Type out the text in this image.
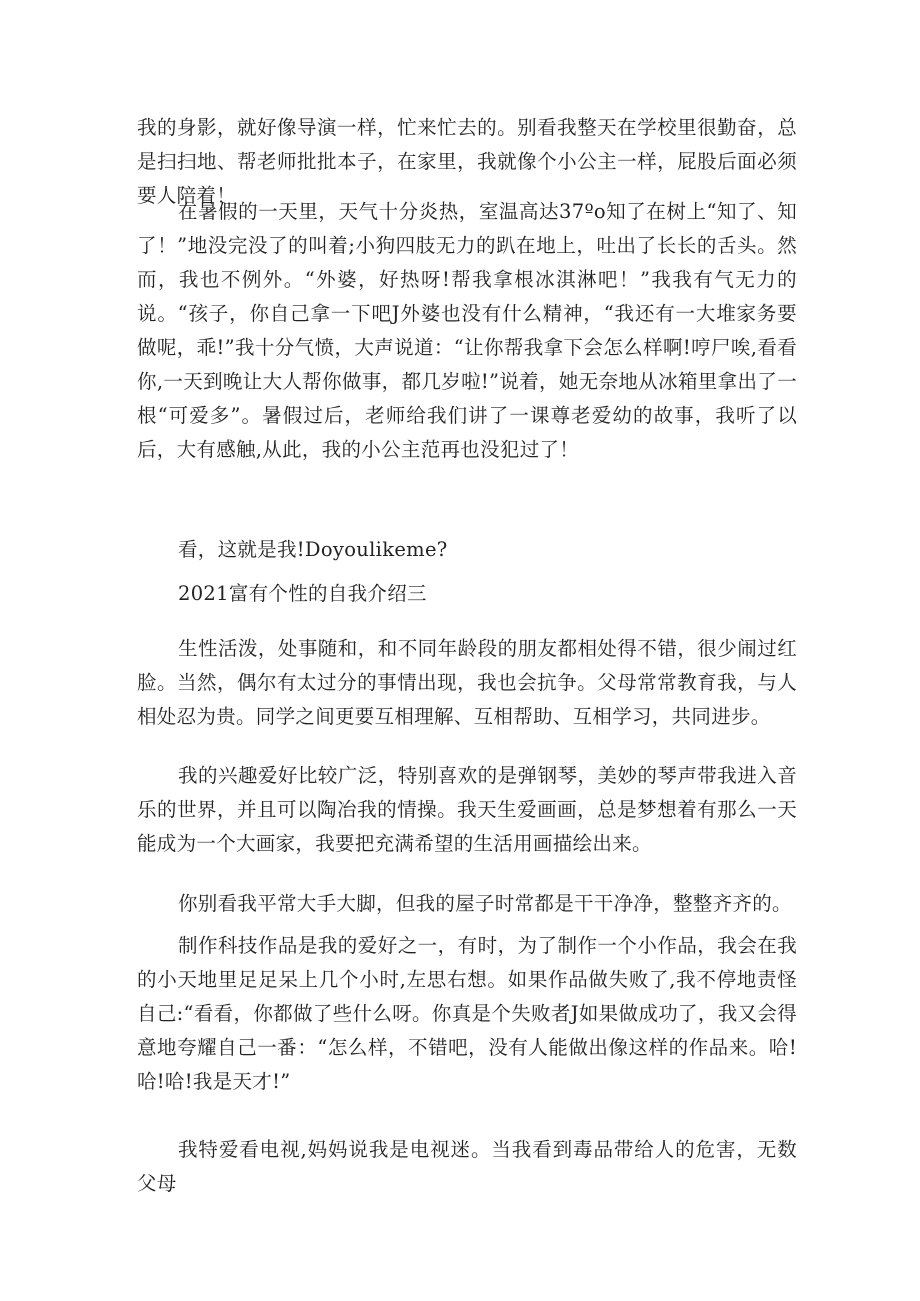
我的身影，就好像导演一样，忙来忙去的。别看我整天在学校里很勤奋，总是扫扫地、帮老师批批本子，在家里，我就像个小公主一样，屁股后面必须要人陪着！

在暑假的一天里，天气十分炎热，室温高达37ºo知了在树上“知了、知了！”地没完没了的叫着;小狗四肢无力的趴在地上，吐出了长长的舌头。然而，我也不例外。“外婆，好热呀!帮我拿根冰淇淋吧！”我我有气无力的说。“孩子，你自己拿一下吧J外婆也没有什么精神，“我还有一大堆家务要做呢，乖!”我十分气愤，大声说道：“让你帮我拿下会怎么样啊!哼尸唉,看看你,一天到晚让大人帮你做事，都几岁啦!”说着，她无奈地从冰箱里拿出了一根“可爱多”。暑假过后，老师给我们讲了一课尊老爱幼的故事，我听了以后，大有感触,从此，我的小公主范再也没犯过了！

看，这就是我!Doyoulikeme?

2021富有个性的自我介绍三

生性活泼，处事随和，和不同年龄段的朋友都相处得不错，很少闹过红脸。当然，偶尔有太过分的事情出现，我也会抗争。父母常常教育我，与人相处忍为贵。同学之间更要互相理解、互相帮助、互相学习，共同进步。

我的兴趣爱好比较广泛，特别喜欢的是弹钢琴，美妙的琴声带我进入音乐的世界，并且可以陶冶我的情操。我天生爱画画，总是梦想着有那么一天能成为一个大画家，我要把充满希望的生活用画描绘出来。

你别看我平常大手大脚，但我的屋子时常都是干干净净，整整齐齐的。

制作科技作品是我的爱好之一，有时，为了制作一个小作品，我会在我的小天地里足足呆上几个小时,左思右想。如果作品做失败了,我不停地责怪自己:“看看，你都做了些什么呀。你真是个失败者J如果做成功了，我又会得意地夸耀自己一番：“怎么样，不错吧，没有人能做出像这样的作品来。哈!哈!哈!我是天才!”

我特爱看电视,妈妈说我是电视迷。当我看到毒品带给人的危害，无数父母
